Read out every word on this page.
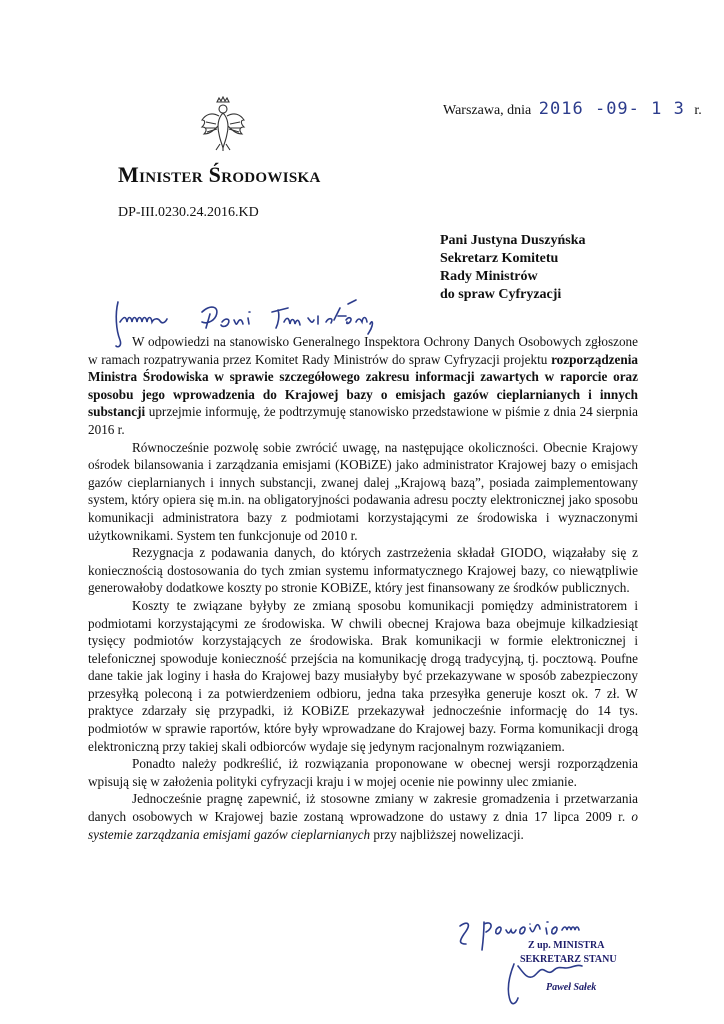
Minister Środowiska
DP-III.0230.24.2016.KD
Warszawa, dnia 2016 -09- 1 3 r.
Pani Justyna Duszyńska
Sekretarz Komitetu
Rady Ministrów
do spraw Cyfryzacji

W odpowiedzi na stanowisko Generalnego Inspektora Ochrony Danych Osobowych zgłoszone w ramach rozpatrywania przez Komitet Rady Ministrów do spraw Cyfryzacji projektu rozporządzenia Ministra Środowiska w sprawie szczegółowego zakresu informacji zawartych w raporcie oraz sposobu jego wprowadzenia do Krajowej bazy o emisjach gazów cieplarnianych i innych substancji uprzejmie informuję, że podtrzymuję stanowisko przedstawione w piśmie z dnia 24 sierpnia 2016 r.

Równocześnie pozwolę sobie zwrócić uwagę, na następujące okoliczności. Obecnie Krajowy ośrodek bilansowania i zarządzania emisjami (KOBiZE) jako administrator Krajowej bazy o emisjach gazów cieplarnianych i innych substancji, zwanej dalej „Krajową bazą”, posiada zaimplementowany system, który opiera się m.in. na obligatoryjności podawania adresu poczty elektronicznej jako sposobu komunikacji administratora bazy z podmiotami korzystającymi ze środowiska i wyznaczonymi użytkownikami. System ten funkcjonuje od 2010 r.

Rezygnacja z podawania danych, do których zastrzeżenia składał GIODO, wiązałaby się z koniecznością dostosowania do tych zmian systemu informatycznego Krajowej bazy, co niewątpliwie generowałoby dodatkowe koszty po stronie KOBiZE, który jest finansowany ze środków publicznych.

Koszty te związane byłyby ze zmianą sposobu komunikacji pomiędzy administratorem i podmiotami korzystającymi ze środowiska. W chwili obecnej Krajowa baza obejmuje kilkadziesiąt tysięcy podmiotów korzystających ze środowiska. Brak komunikacji w formie elektronicznej i telefonicznej spowoduje konieczność przejścia na komunikację drogą tradycyjną, tj. pocztową. Poufne dane takie jak loginy i hasła do Krajowej bazy musiałyby być przekazywane w sposób zabezpieczony przesyłką poleconą i za potwierdzeniem odbioru, jedna taka przesyłka generuje koszt ok. 7 zł. W praktyce zdarzały się przypadki, iż KOBiZE przekazywał jednocześnie informację do 14 tys. podmiotów w sprawie raportów, które były wprowadzane do Krajowej bazy. Forma komunikacji drogą elektroniczną przy takiej skali odbiorców wydaje się jedynym racjonalnym rozwiązaniem.

Ponadto należy podkreślić, iż rozwiązania proponowane w obecnej wersji rozporządzenia wpisują się w założenia polityki cyfryzacji kraju i w mojej ocenie nie powinny ulec zmianie.

Jednocześnie pragnę zapewnić, iż stosowne zmiany w zakresie gromadzenia i przetwarzania danych osobowych w Krajowej bazie zostaną wprowadzone do ustawy z dnia 17 lipca 2009 r. o systemie zarządzania emisjami gazów cieplarnianych przy najbliższej nowelizacji.

Z up. MINISTRA
SEKRETARZ STANU
Paweł Sałek
